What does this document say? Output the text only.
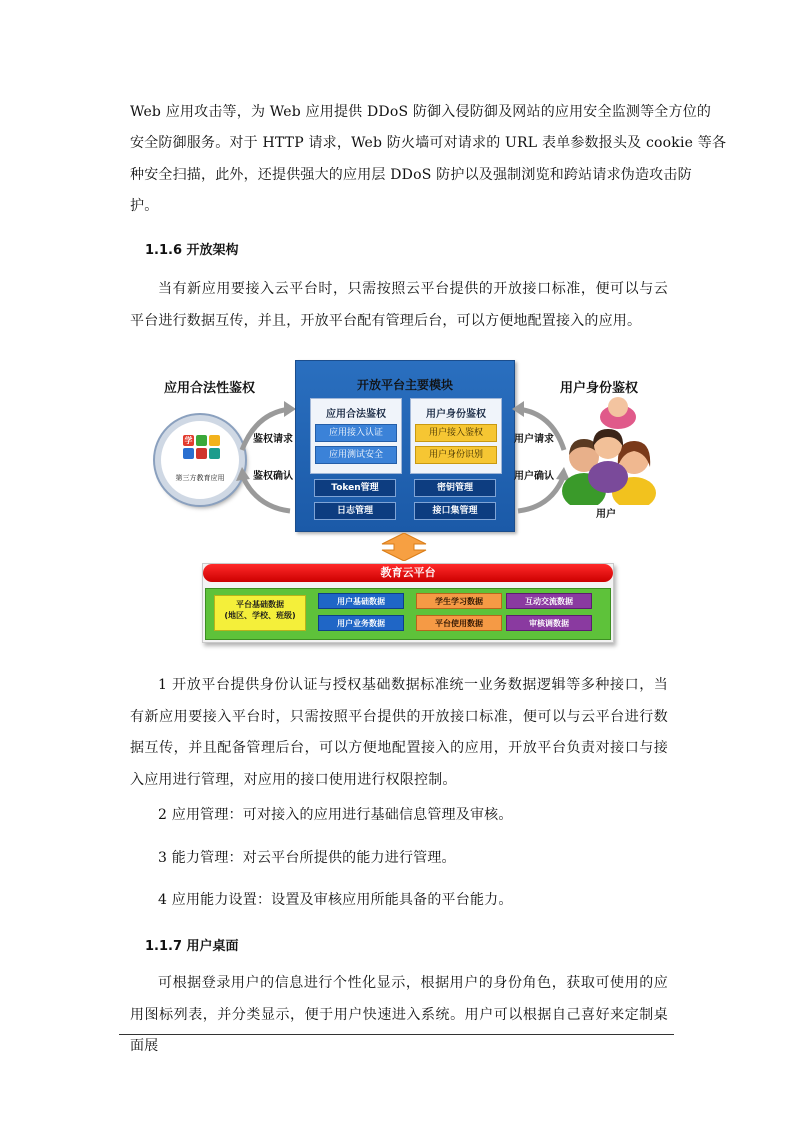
Web 应用攻击等，为 Web 应用提供 DDoS 防御入侵防御及网站的应用安全监测等全方位的

安全防御服务。对于 HTTP 请求，Web 防火墙可对请求的 URL 表单参数报头及 cookie 等各

种安全扫描，此外，还提供强大的应用层 DDoS 防护以及强制浏览和跨站请求伪造攻击防

护。

1.1.6 开放架构

当有新应用要接入云平台时，只需按照云平台提供的开放接口标准，便可以与云平台进行数据互传，并且，开放平台配有管理后台，可以方便地配置接入的应用。

应用合法性鉴权	用户身份鉴权
学
第三方教育应用
鉴权请求
鉴权确认
开放平台主要模块
应用合法鉴权
应用接入认证
应用测试安全
用户身份鉴权
用户接入鉴权
用户身份识别
Token管理	密钥管理
日志管理	接口集管理
用户请求
用户确认
用户
教育云平台
平台基础数据
(地区、学校、班级)
用户基础数据	学生学习数据	互动交流数据
用户业务数据	平台使用数据	审核调数据

1 开放平台提供身份认证与授权基础数据标准统一业务数据逻辑等多种接口，当有新应用要接入平台时，只需按照平台提供的开放接口标准，便可以与云平台进行数据互传，并且配备管理后台，可以方便地配置接入的应用，开放平台负责对接口与接入应用进行管理，对应用的接口使用进行权限控制。

2 应用管理：可对接入的应用进行基础信息管理及审核。

3 能力管理：对云平台所提供的能力进行管理。

4 应用能力设置：设置及审核应用所能具备的平台能力。

1.1.7 用户桌面

可根据登录用户的信息进行个性化显示，根据用户的身份角色，获取可使用的应用图标列表，并分类显示，便于用户快速进入系统。用户可以根据自己喜好来定制桌面展
